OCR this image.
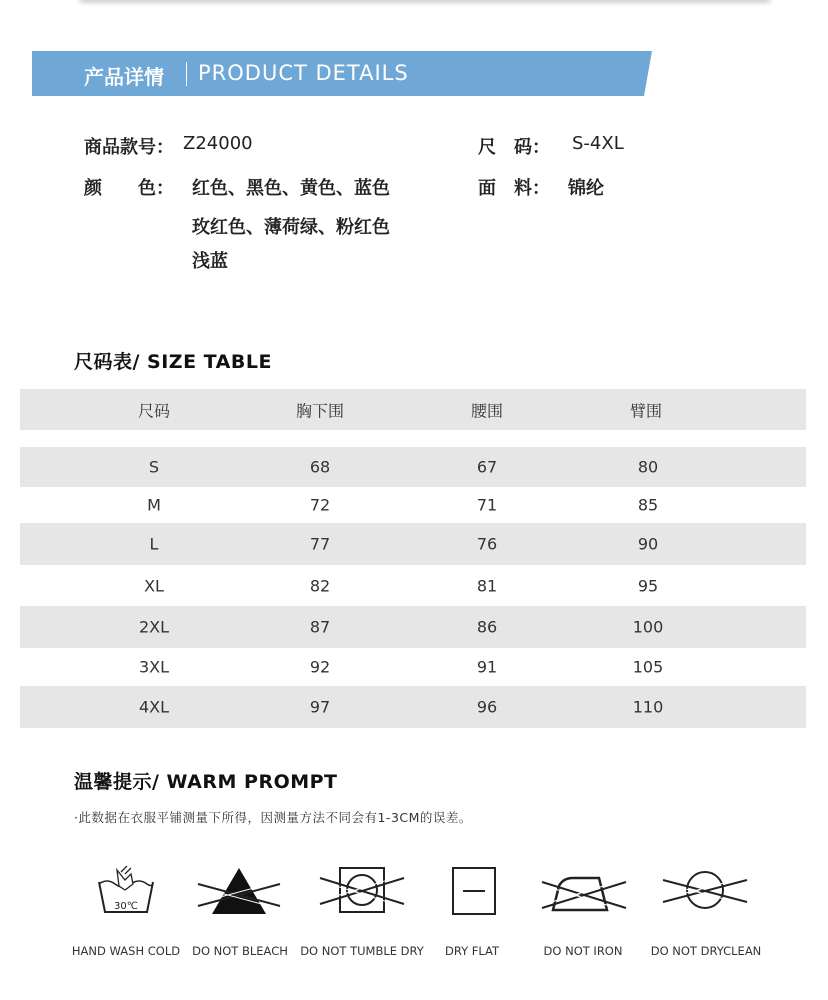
产品详情 PRODUCT DETAILS
商品款号： Z24000
颜　　色： 红色、黑色、黄色、蓝色
玫红色、薄荷绿、粉红色
浅蓝
尺　码： S-4XL
面　料： 锦纶
尺码表/ SIZE TABLE
尺码	胸下围	腰围	臂围
S	68	67	80
M	72	71	85
L	77	76	90
XL	82	81	95
2XL	87	86	100
3XL	92	91	105
4XL	97	96	110
温馨提示/ WARM PROMPT
·此数据在衣服平铺测量下所得，因测量方法不同会有1-3CM的误差。
30℃
HAND WASH COLD DO NOT BLEACH DO NOT TUMBLE DRY DRY FLAT	DO NOT IRON DO NOT DRYCLEAN
